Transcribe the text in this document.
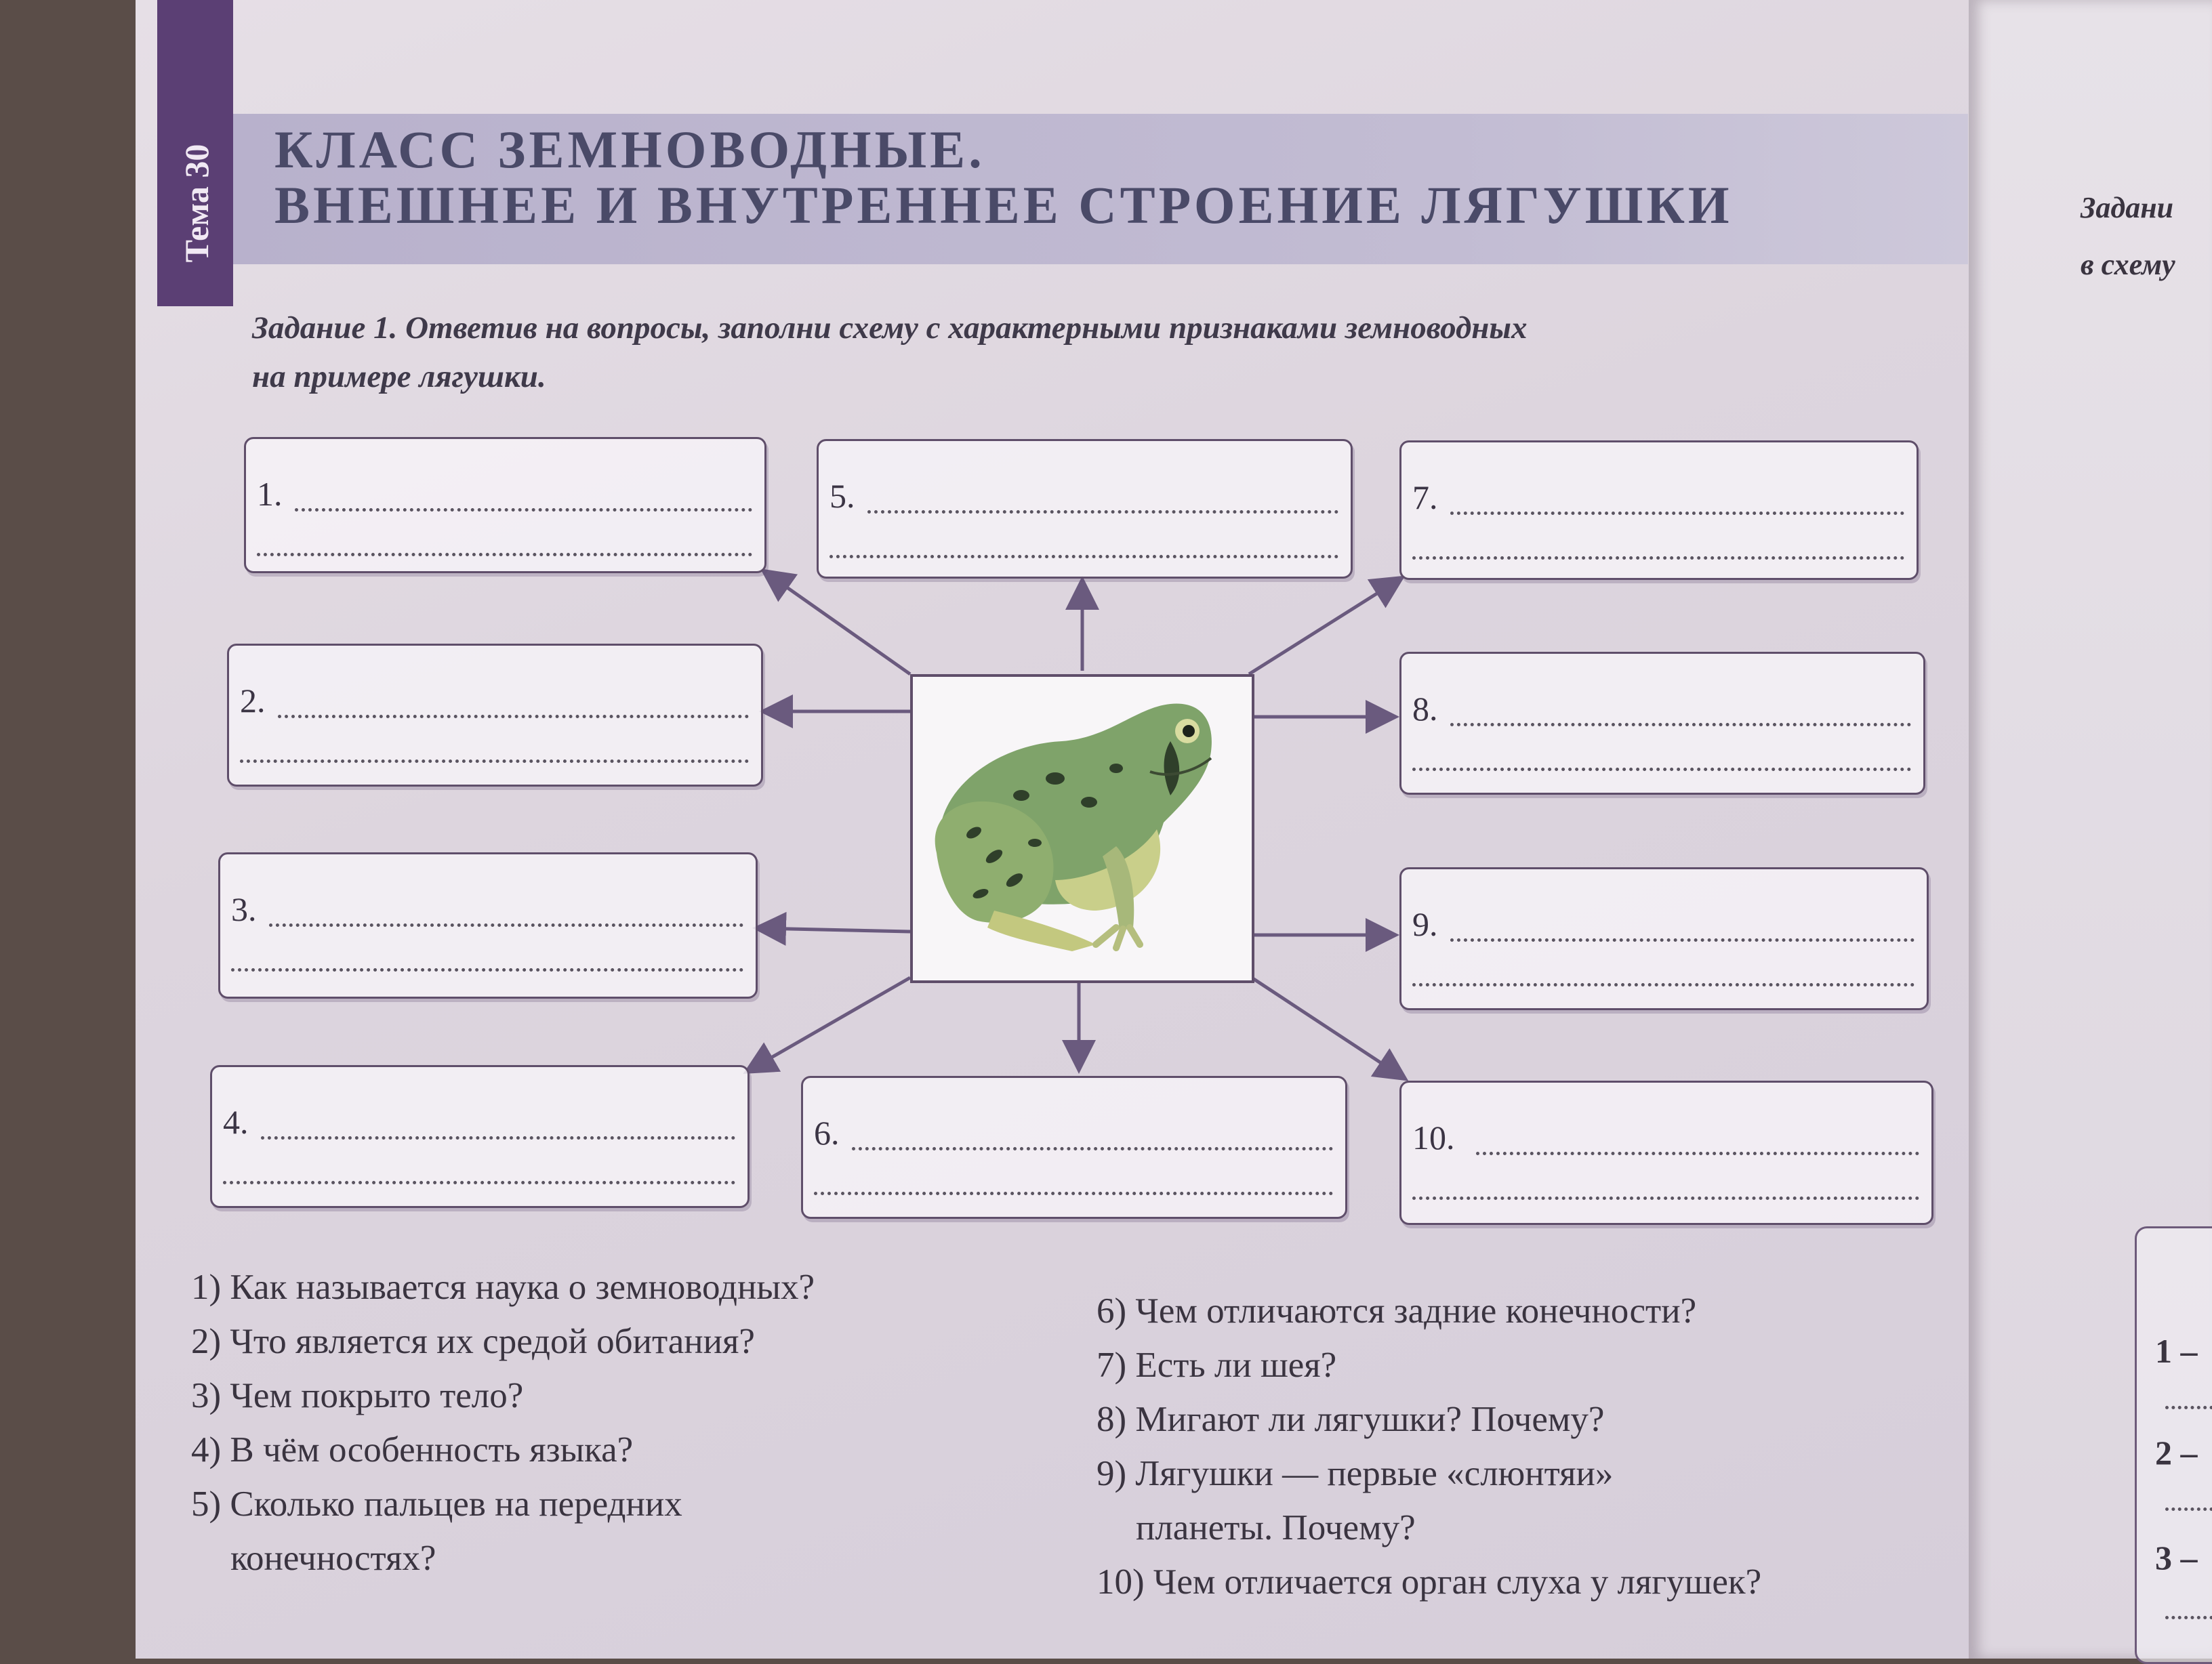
Тема 30 КЛАСС ЗЕМНОВОДНЫЕ.
ВНЕШНЕЕ И ВНУТРЕННЕЕ СТРОЕНИЕ ЛЯГУШКИ
Задание 1. Ответив на вопросы, заполни схему с характерными признаками земноводных
на примере лягушки.
1.
2.
3.
4.
5.
6.
7.
8.
9.
10.
1) Как называется наука о земноводных?
2) Что является их средой обитания?
3) Чем покрыто тело?
4) В чём особенность языка?
5) Сколько пальцев на передних
конечностях?
6) Чем отличаются задние конечности?
7) Есть ли шея?
8) Мигают ли лягушки? Почему?
9) Лягушки — первые «слюнтяи»
планеты. Почему?
10) Чем отличается орган слуха у лягушек?
Задани
в схему
1 –
2 –
3 –
